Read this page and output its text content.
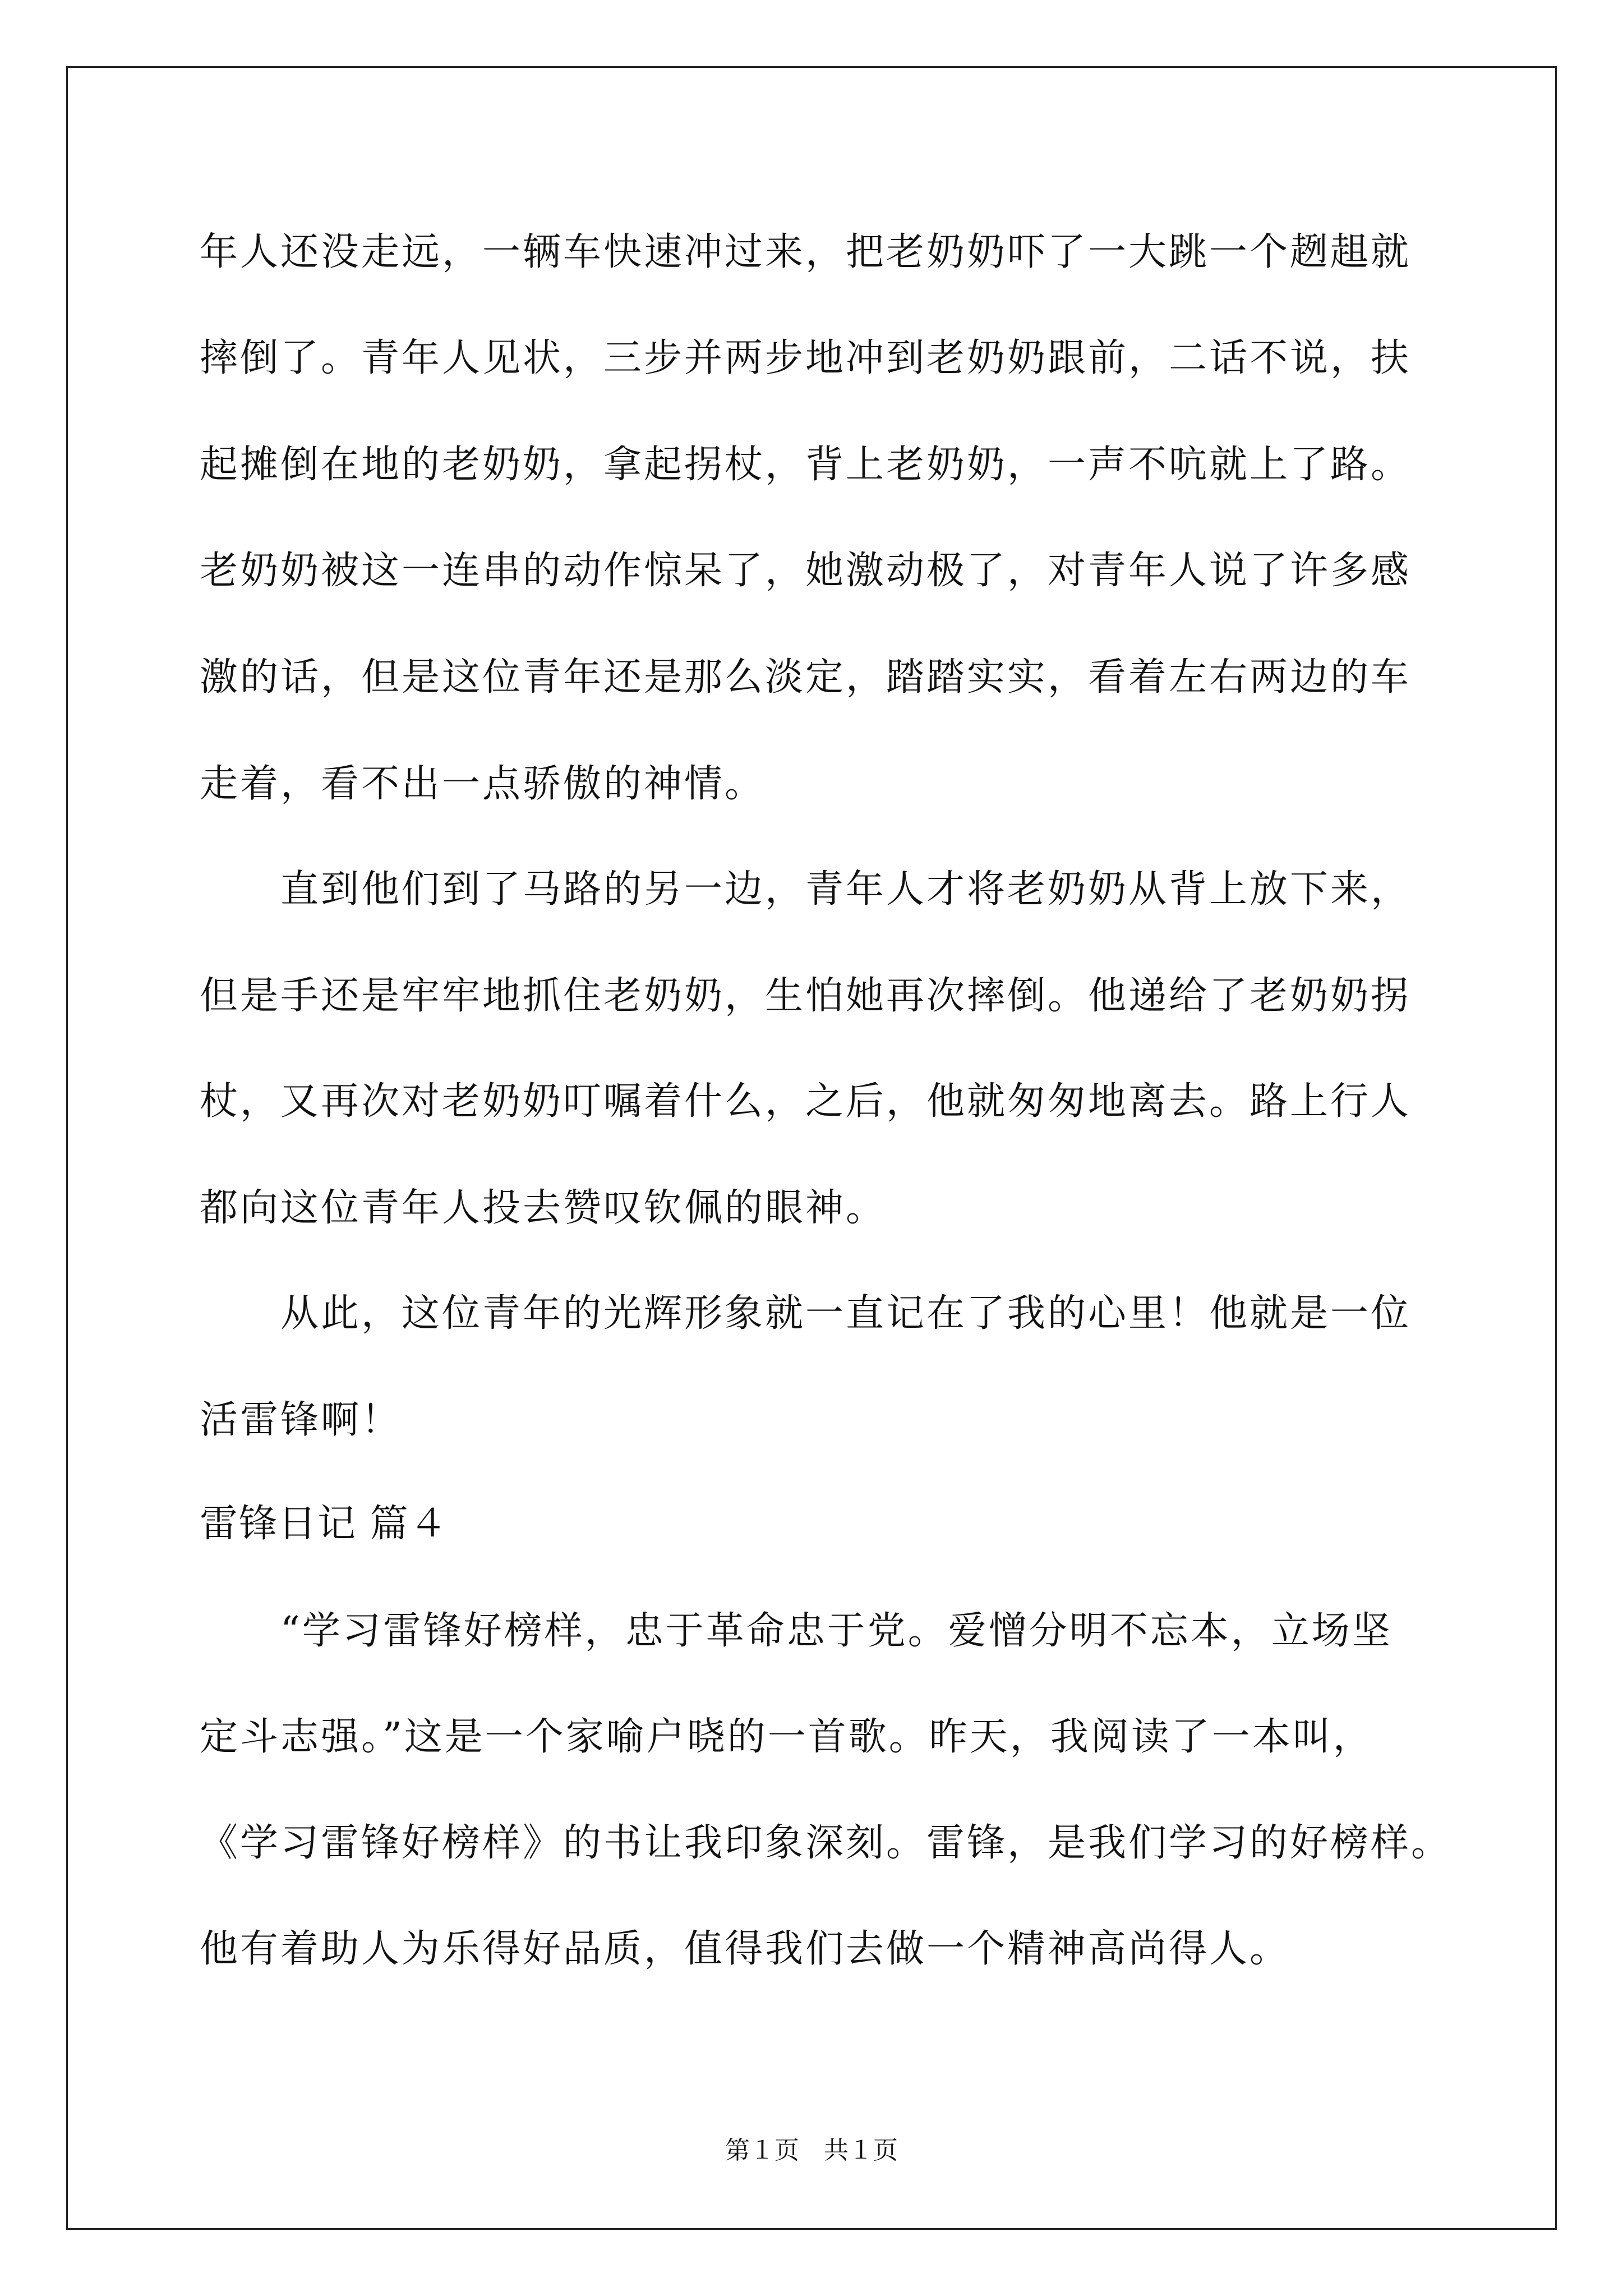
年人还没走远，一辆车快速冲过来，把老奶奶吓了一大跳一个趔趄就
摔倒了。青年人见状，三步并两步地冲到老奶奶跟前，二话不说，扶
起摊倒在地的老奶奶，拿起拐杖，背上老奶奶，一声不吭就上了路。
老奶奶被这一连串的动作惊呆了，她激动极了，对青年人说了许多感
激的话，但是这位青年还是那么淡定，踏踏实实，看着左右两边的车
走着，看不出一点骄傲的神情。
直到他们到了马路的另一边，青年人才将老奶奶从背上放下来，
但是手还是牢牢地抓住老奶奶，生怕她再次摔倒。他递给了老奶奶拐
杖，又再次对老奶奶叮嘱着什么，之后，他就匆匆地离去。路上行人
都向这位青年人投去赞叹钦佩的眼神。
从此，这位青年的光辉形象就一直记在了我的心里！他就是一位
活雷锋啊！
雷锋日记 篇４
“学习雷锋好榜样，忠于革命忠于党。爱憎分明不忘本，立场坚
定斗志强。”这是一个家喻户晓的一首歌。昨天，我阅读了一本叫，
《学习雷锋好榜样》的书让我印象深刻。雷锋，是我们学习的好榜样。
他有着助人为乐得好品质，值得我们去做一个精神高尚得人。
第１页　共１页
